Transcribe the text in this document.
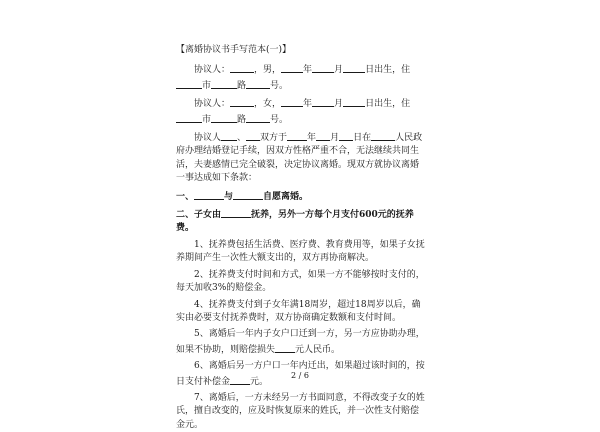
【离婚协议书手写范本(一)】

协议人：	，男， 年 月 日出生，住市	路	号。

协议人：	，女， 年 月 日出生，住市	路	号。

协议人 、 双方于 年 月 日在	人民政府办理结婚登记手续，因双方性格严重不合，无法继续共同生活，夫妻感情已完全破裂，决定协议离婚。现双方就协议离婚一事达成如下条款：

一、	与	自愿离婚。

二、子女由	抚养，另外一方每个月支付600元的抚养费。

1、抚养费包括生活费、医疗费、教育费用等，如果子女抚养期间产生一次性大额支出的，双方再协商解决。

2、抚养费支付时间和方式，如果一方不能够按时支付的，每天加收3%的赔偿金。

4、抚养费支付到子女年满18周岁，超过18周岁以后，确实由必要支付抚养费时，双方协商确定数额和支付时间。

5、离婚后一年内子女户口迁到一方，另一方应协助办理，如果不协助，则赔偿损失 元人民币。

6、离婚后另一方户口一年内迁出，如果超过该时间的，按日支付补偿金 元。

7、离婚后，一方未经另一方书面同意，不得改变子女的姓氏，擅自改变的，应及时恢复原来的姓氏，并一次性支付赔偿金元。

2 / 6
